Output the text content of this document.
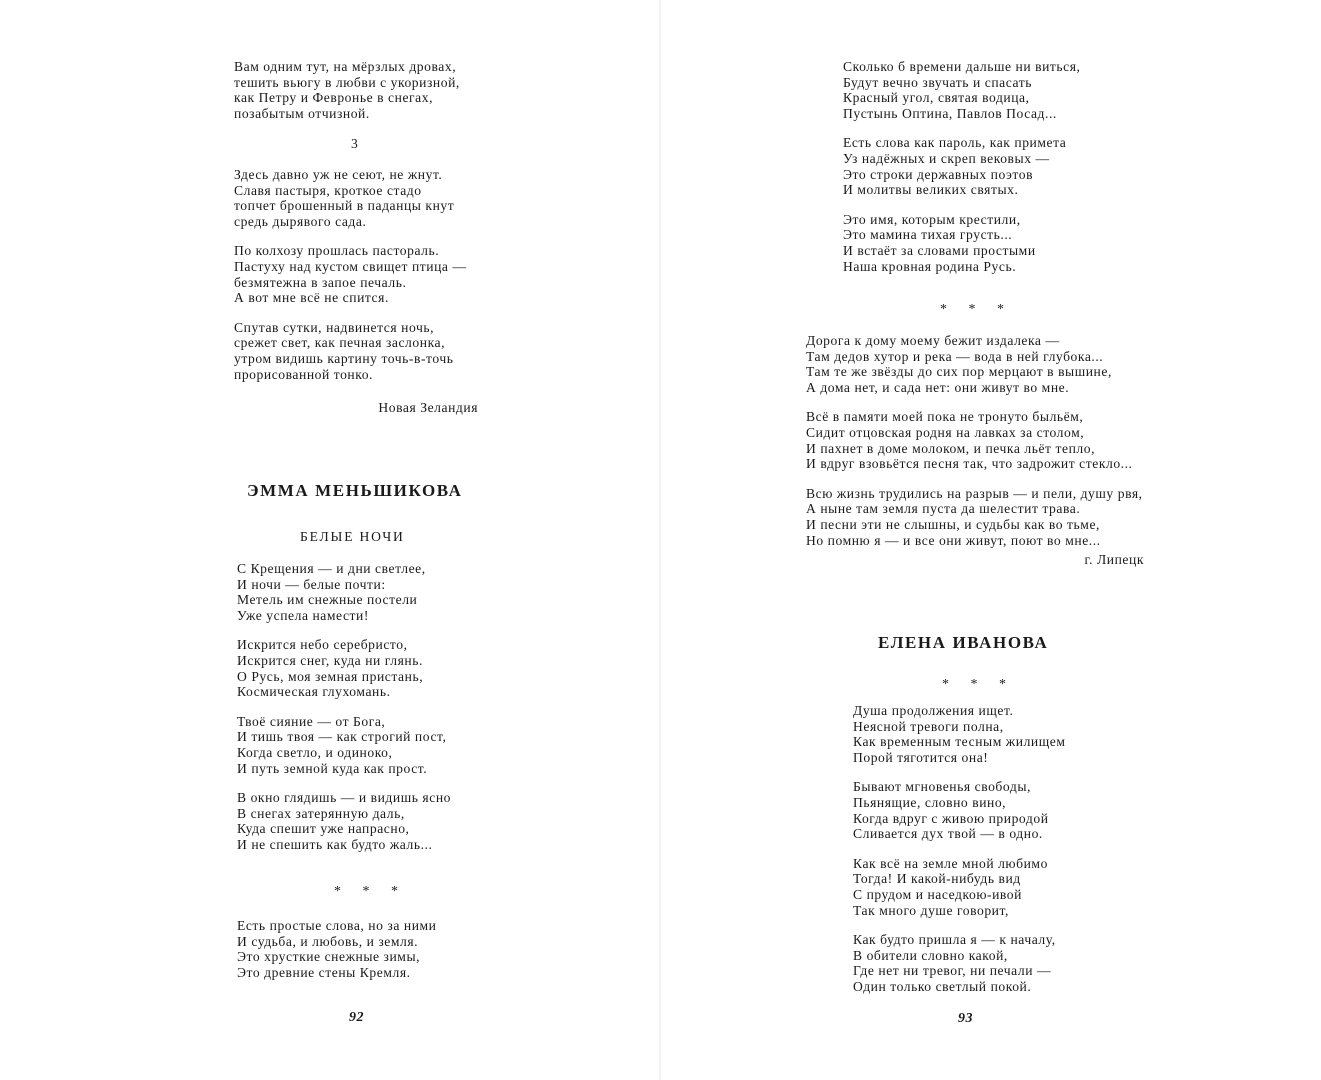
Вам одним тут, на мёрзлых дровах,
тешить вьюгу в любви с укоризной,
как Петру и Февронье в снегах,
позабытым отчизной.
3
Здесь давно уж не сеют, не жнут.
Славя пастыря, кроткое стадо
топчет брошенный в паданцы кнут
средь дырявого сада.
По колхозу прошлась пастораль.
Пастуху над кустом свищет птица —
безмятежна в запое печаль.
А вот мне всё не спится.
Спутав сутки, надвинется ночь,
срежет свет, как печная заслонка,
утром видишь картину точь-в-точь
прорисованной тонко.
Новая Зеландия
ЭММА МЕНЬШИКОВА
БЕЛЫЕ НОЧИ
С Крещения — и дни светлее,
И ночи — белые почти:
Метель им снежные постели
Уже успела намести!
Искрится небо серебристо,
Искрится снег, куда ни глянь.
О Русь, моя земная пристань,
Космическая глухомань.
Твоё сияние — от Бога,
И тишь твоя — как строгий пост,
Когда светло, и одиноко,
И путь земной куда как прост.
В окно глядишь — и видишь ясно
В снегах затерянную даль,
Куда спешит уже напрасно,
И не спешить как будто жаль...
* * *
Есть простые слова, но за ними
И судьба, и любовь, и земля.
Это хрусткие снежные зимы,
Это древние стены Кремля.
92
Сколько б времени дальше ни виться,
Будут вечно звучать и спасать
Красный угол, святая водица,
Пустынь Оптина, Павлов Посад...
Есть слова как пароль, как примета
Уз надёжных и скреп вековых —
Это строки державных поэтов
И молитвы великих святых.
Это имя, которым крестили,
Это мамина тихая грусть...
И встаёт за словами простыми
Наша кровная родина Русь.
* * *
Дорога к дому моему бежит издалека —
Там дедов хутор и река — вода в ней глубока...
Там те же звёзды до сих пор мерцают в вышине,
А дома нет, и сада нет: они живут во мне.
Всё в памяти моей пока не тронуто быльём,
Сидит отцовская родня на лавках за столом,
И пахнет в доме молоком, и печка льёт тепло,
И вдруг взовьётся песня так, что задрожит стекло...
Всю жизнь трудились на разрыв — и пели, душу рвя,
А ныне там земля пуста да шелестит трава.
И песни эти не слышны, и судьбы как во тьме,
Но помню я — и все они живут, поют во мне...
г. Липецк
ЕЛЕНА ИВАНОВА
* * *
Душа продолжения ищет.
Неясной тревоги полна,
Как временным тесным жилищем
Порой тяготится она!
Бывают мгновенья свободы,
Пьянящие, словно вино,
Когда вдруг с живою природой
Сливается дух твой — в одно.
Как всё на земле мной любимо
Тогда! И какой-нибудь вид
С прудом и наседкою-ивой
Так много душе говорит,
Как будто пришла я — к началу,
В обители словно какой,
Где нет ни тревог, ни печали —
Один только светлый покой.
93
